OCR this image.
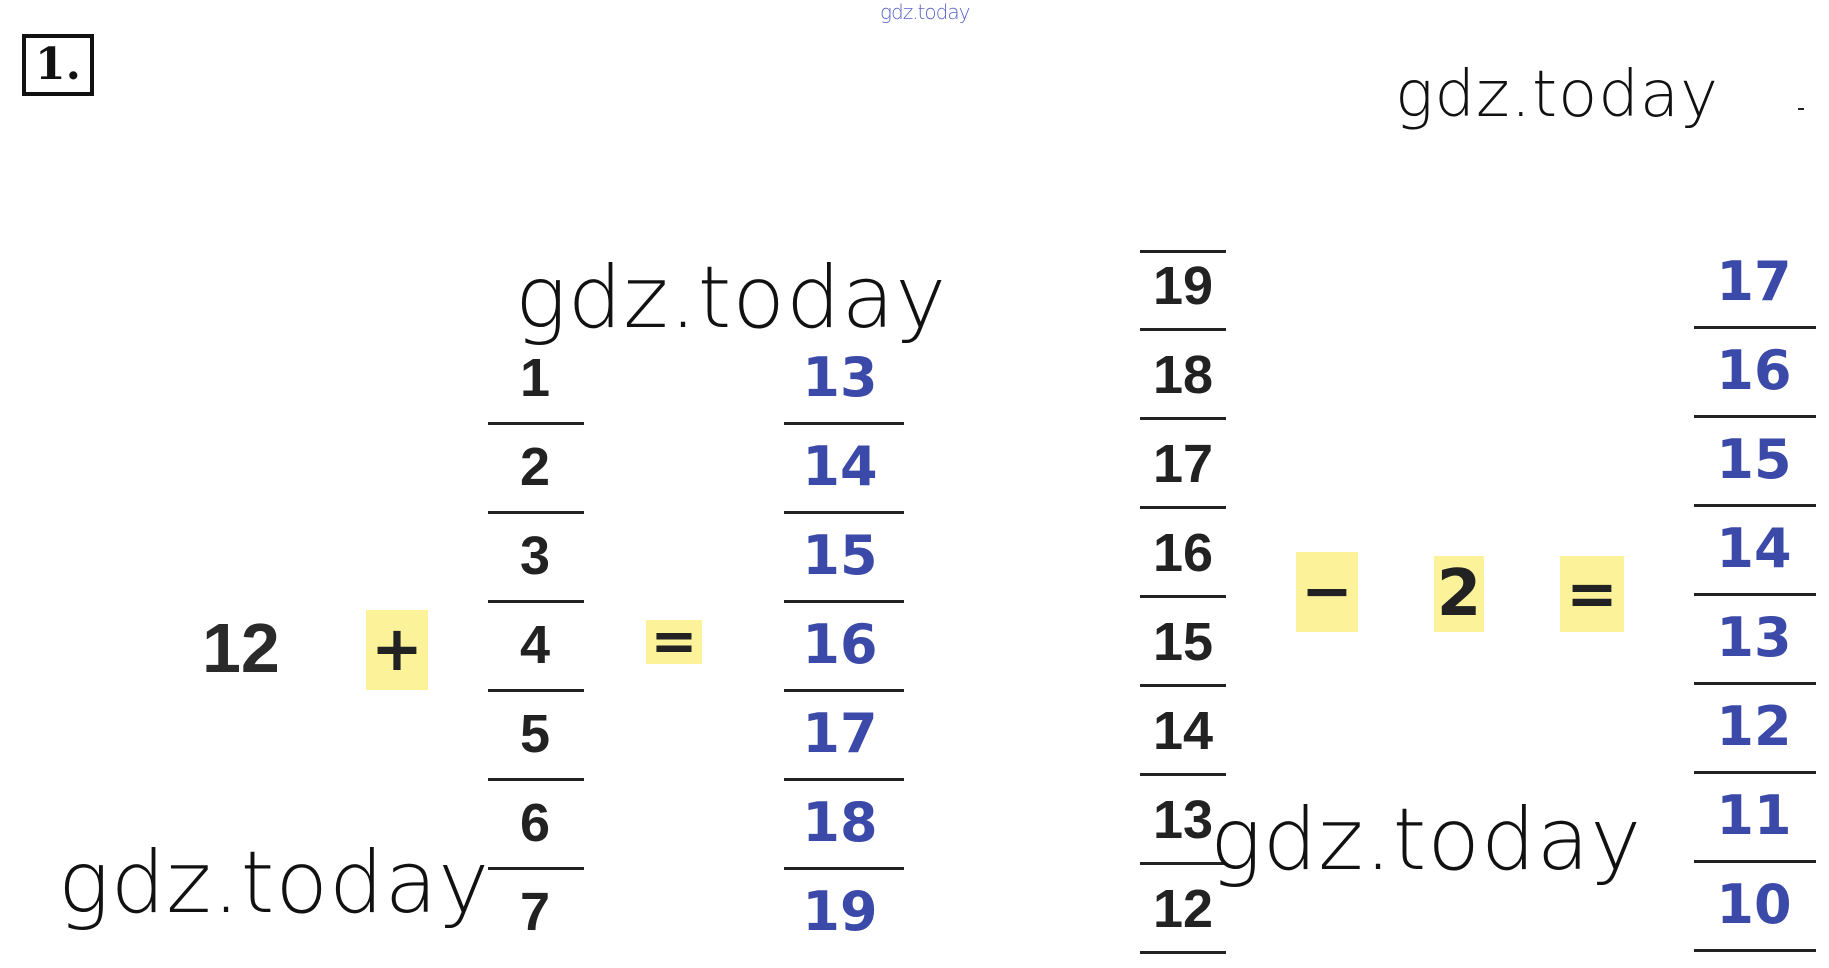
1.
gdz.today
gdz.today
12 +	=
1
2
3
4
5
6
7
13
14
15
16
17
18
19
19
18
17
16
15
14
13
12
− 2 =
17
16
15
14
13
12
11
10
gdz.today
gdz.today	gdz.today
